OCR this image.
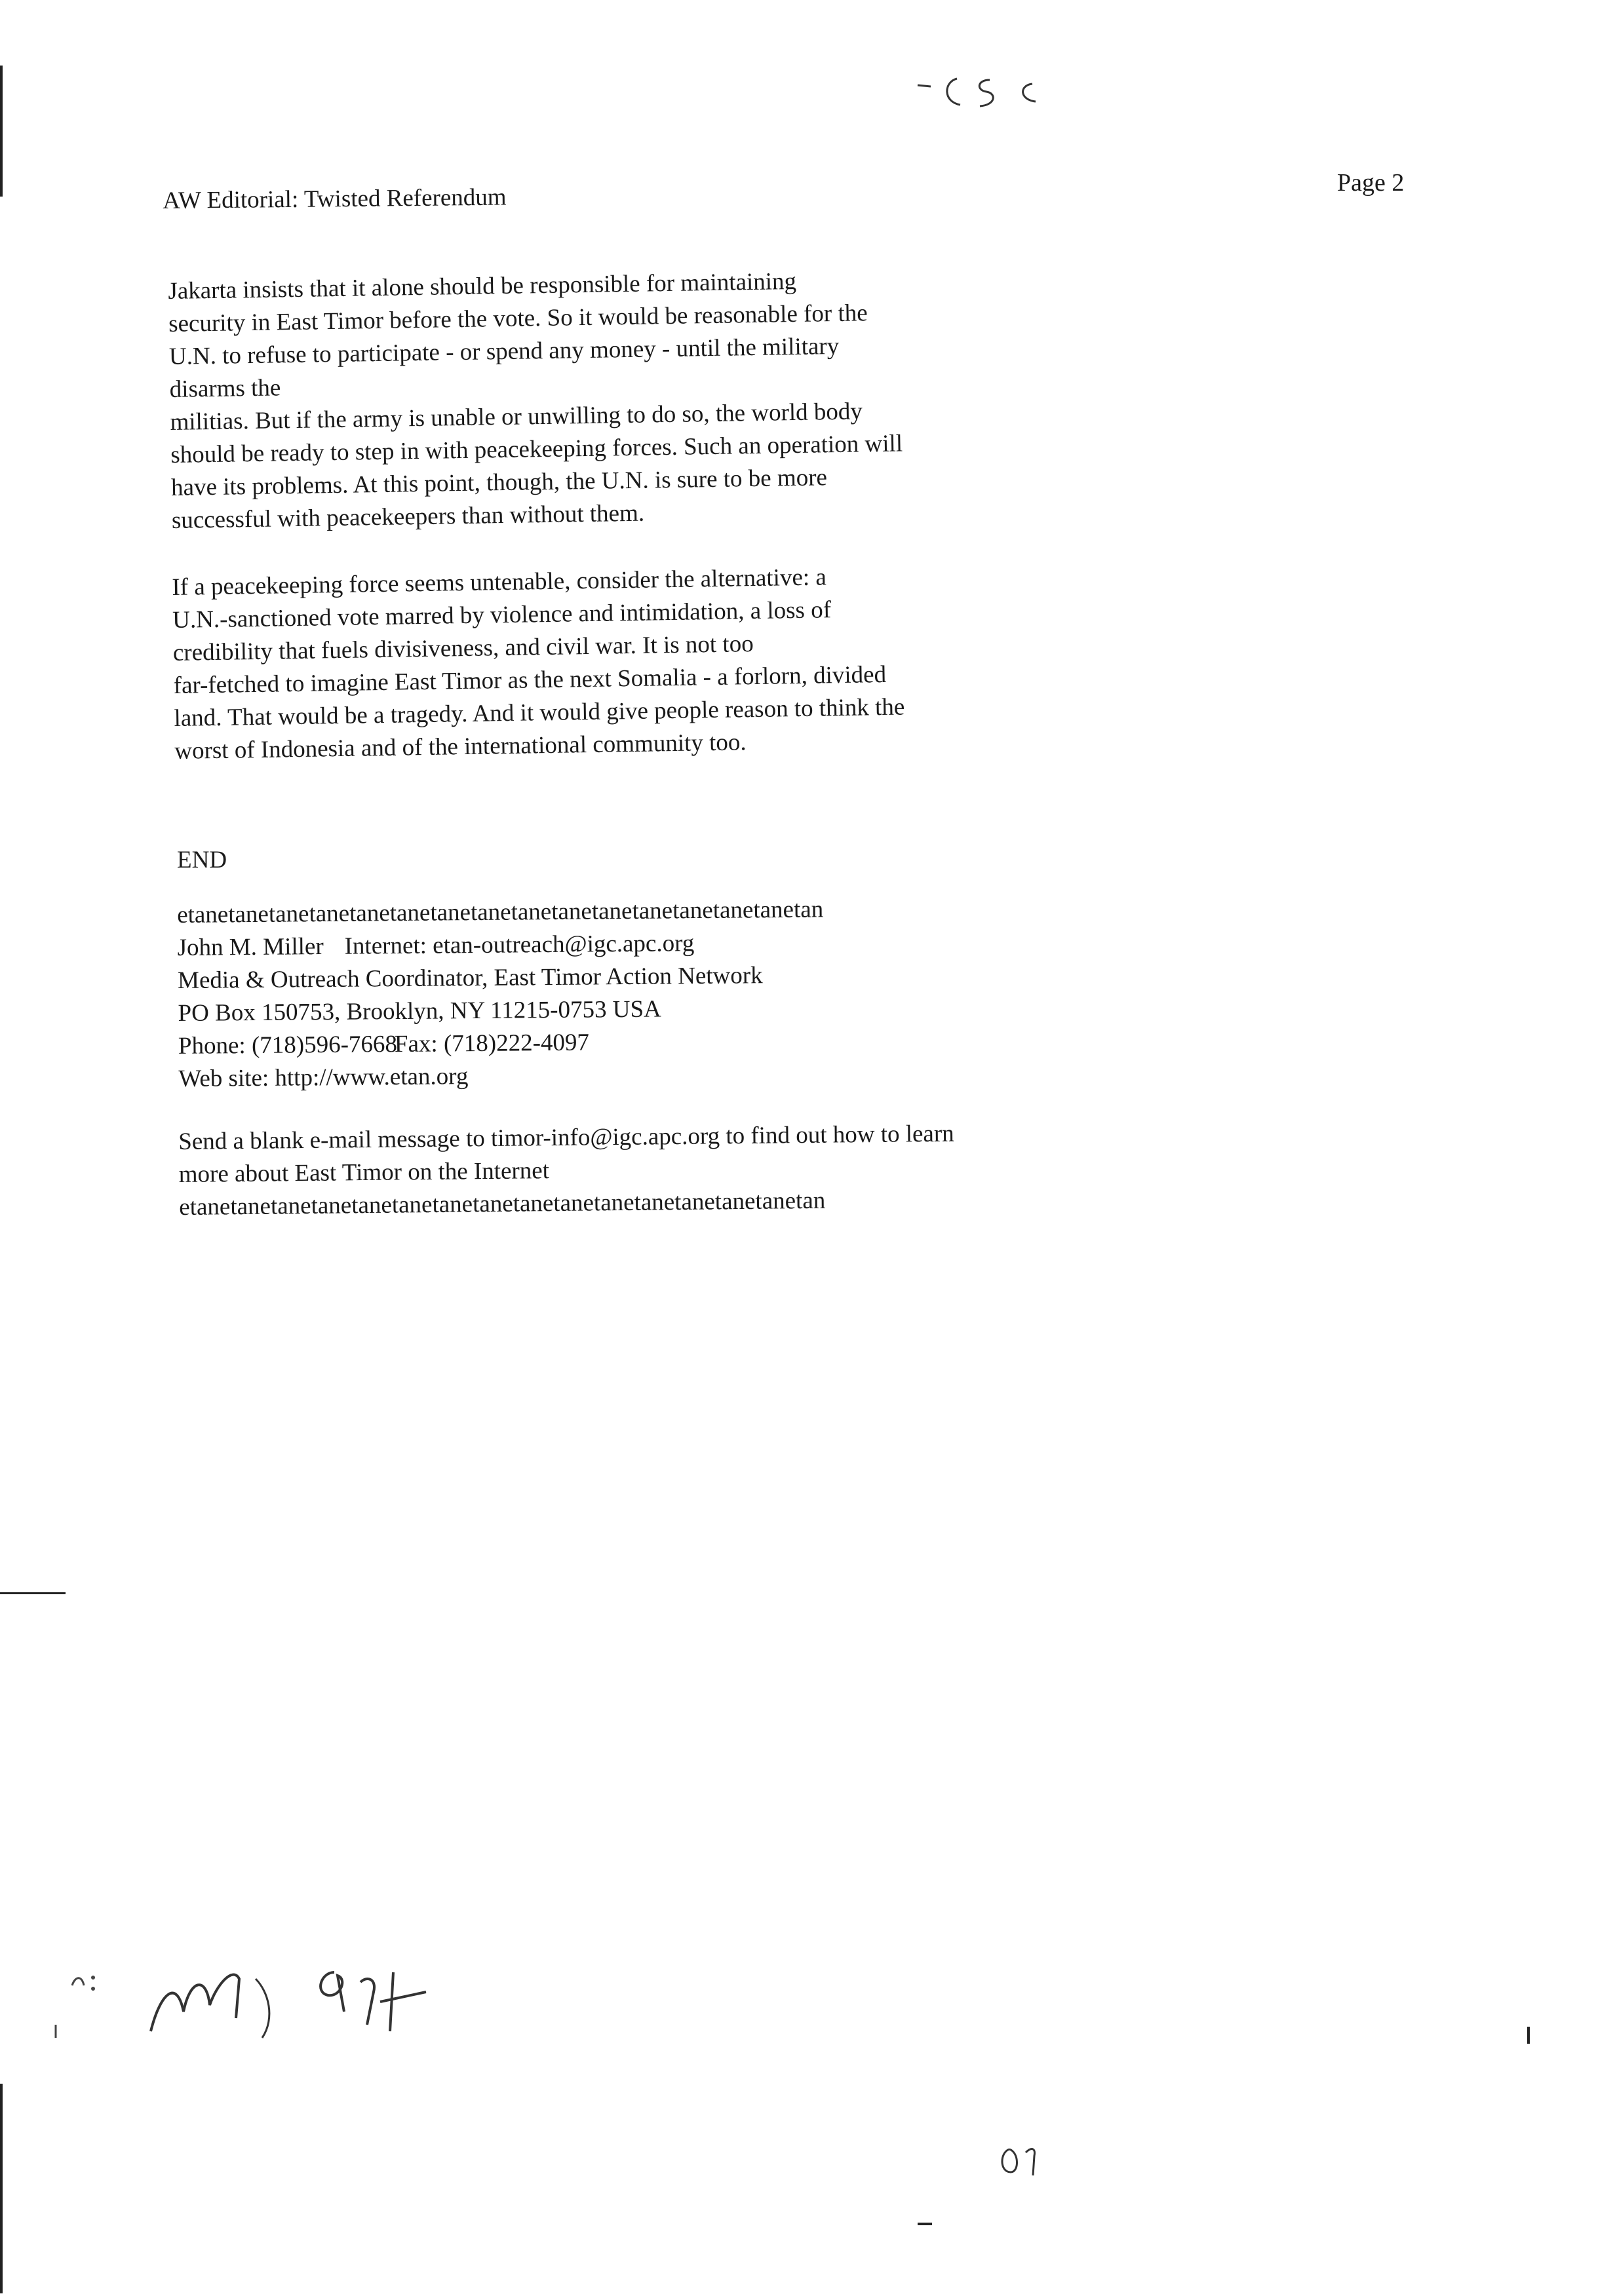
CSC
AW Editorial: Twisted Referendum
Page 2
Jakarta insists that it alone should be responsible for maintaining
security in East Timor before the vote. So it would be reasonable for the
U.N. to refuse to participate - or spend any money - until the military
disarms the
militias. But if the army is unable or unwilling to do so, the world body
should be ready to step in with peacekeeping forces. Such an operation will
have its problems. At this point, though, the U.N. is sure to be more
successful with peacekeepers than without them.
If a peacekeeping force seems untenable, consider the alternative: a
U.N.-sanctioned vote marred by violence and intimidation, a loss of
credibility that fuels divisiveness, and civil war. It is not too
far-fetched to imagine East Timor as the next Somalia - a forlorn, divided
land. That would be a tragedy. And it would give people reason to think the
worst of Indonesia and of the international community too.
END
etanetanetanetanetanetanetanetanetanetanetanetanetanetanetanetan
John M. Miller Internet: etan-outreach@igc.apc.org
Media & Outreach Coordinator, East Timor Action Network
PO Box 150753, Brooklyn, NY 11215-0753 USA
Phone: (718)596-7668
Fax: (718)222-4097
Web site: http://www.etan.org
Send a blank e-mail message to timor-info@igc.apc.org to find out how to learn
more about East Timor on the Internet
etanetanetanetanetanetanetanetanetanetanetanetanetanetanetanetan
